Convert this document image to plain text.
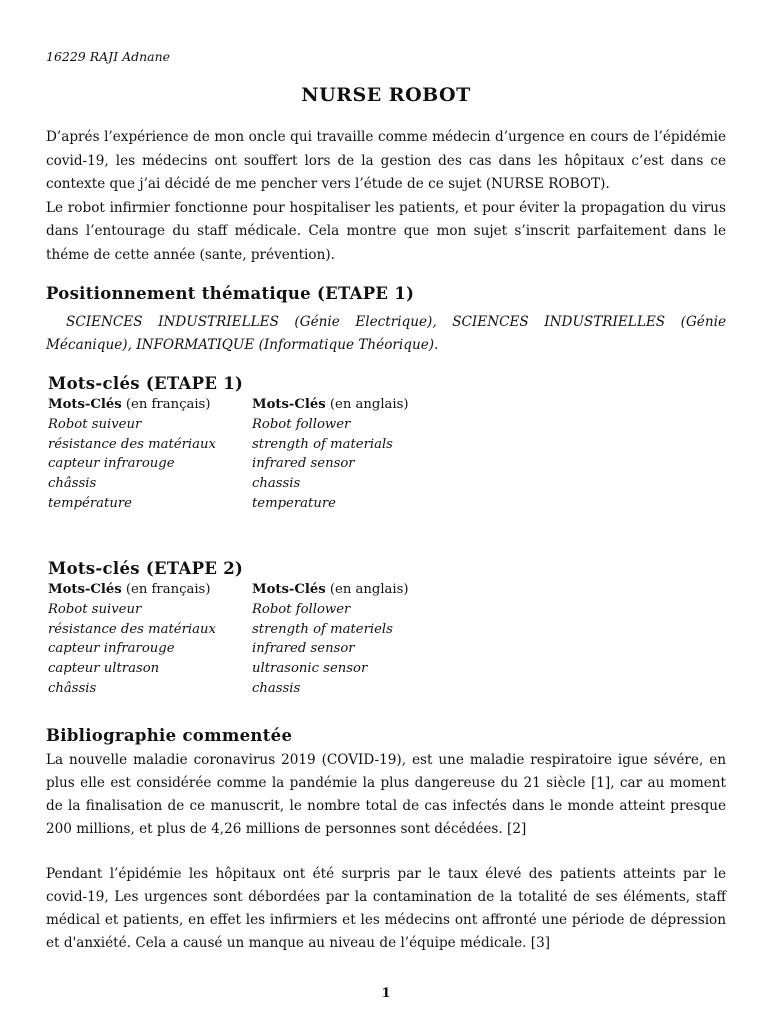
16229 RAJI Adnane
NURSE ROBOT

D’aprés l’expérience de mon oncle qui travaille comme médecin d’urgence en cours de l’épidémie covid-19, les médecins ont souffert lors de la gestion des cas dans les hôpitaux c’est dans ce contexte que j’ai décidé de me pencher vers l’étude de ce sujet (NURSE ROBOT).

Le robot infirmier fonctionne pour hospitaliser les patients, et pour éviter la propagation du virus dans l’entourage du staff médicale. Cela montre que mon sujet s’inscrit parfaitement dans le théme de cette année (sante, prévention).

Positionnement thématique (ETAPE 1)
SCIENCES INDUSTRIELLES (Génie Electrique), SCIENCES INDUSTRIELLES (Génie Mécanique), INFORMATIQUE (Informatique Théorique).
Mots-clés (ETAPE 1)
Mots-Clés (en français)
Robot suiveur
résistance des matériaux
capteur infrarouge
châssis
température
Mots-Clés (en anglais)
Robot follower
strength of materials
infrared sensor
chassis
temperature
Mots-clés (ETAPE 2)
Mots-Clés (en français)
Robot suiveur
résistance des matériaux
capteur infrarouge
capteur ultrason
châssis
Mots-Clés (en anglais)
Robot follower
strength of materiels
infrared sensor
ultrasonic sensor
chassis
Bibliographie commentée

La nouvelle maladie coronavirus 2019 (COVID-19), est une maladie respiratoire igue sévére, en plus elle est considérée comme la pandémie la plus dangereuse du 21 siècle [1], car au moment de la finalisation de ce manuscrit, le nombre total de cas infectés dans le monde atteint presque 200 millions, et plus de 4,26 millions de personnes sont décédées. [2]

Pendant l’épidémie les hôpitaux ont été surpris par le taux élevé des patients atteints par le covid-19, Les urgences sont débordées par la contamination de la totalité de ses éléments, staff médical et patients, en effet les infirmiers et les médecins ont affronté une période de dépression et d'anxiété. Cela a causé un manque au niveau de l’équipe médicale. [3]

1
